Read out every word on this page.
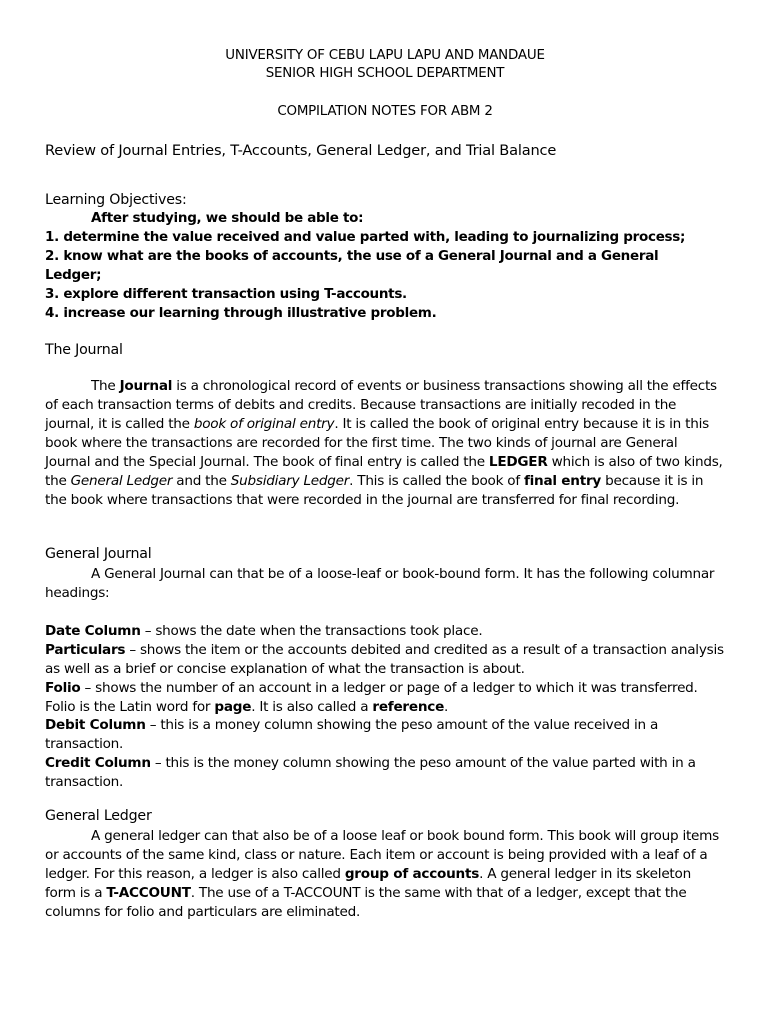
UNIVERSITY OF CEBU LAPU LAPU AND MANDAUE
SENIOR HIGH SCHOOL DEPARTMENT
COMPILATION NOTES FOR ABM 2
Review of Journal Entries, T-Accounts, General Ledger, and Trial Balance
Learning Objectives:
After studying, we should be able to:
1. determine the value received and value parted with, leading to journalizing process;
2. know what are the books of accounts, the use of a General Journal and a General
Ledger;
3. explore different transaction using T-accounts.
4. increase our learning through illustrative problem.
The Journal
The Journal is a chronological record of events or business transactions showing all the effects of each transaction terms of debits and credits. Because transactions are initially recoded in the journal, it is called the book of original entry. It is called the book of original entry because it is in this book where the transactions are recorded for the first time. The two kinds of journal are General Journal and the Special Journal. The book of final entry is called the LEDGER which is also of two kinds, the General Ledger and the Subsidiary Ledger. This is called the book of final entry because it is in the book where transactions that were recorded in the journal are transferred for final recording.
General Journal
A General Journal can that be of a loose-leaf or book-bound form. It has the following columnar headings:
Date Column – shows the date when the transactions took place.
Particulars – shows the item or the accounts debited and credited as a result of a transaction analysis as well as a brief or concise explanation of what the transaction is about.
Folio – shows the number of an account in a ledger or page of a ledger to which it was transferred. Folio is the Latin word for page. It is also called a reference.
Debit Column – this is a money column showing the peso amount of the value received in a transaction.
Credit Column – this is the money column showing the peso amount of the value parted with in a transaction.
General Ledger
A general ledger can that also be of a loose leaf or book bound form. This book will group items or accounts of the same kind, class or nature. Each item or account is being provided with a leaf of a ledger. For this reason, a ledger is also called group of accounts. A general ledger in its skeleton form is a T-ACCOUNT. The use of a T-ACCOUNT is the same with that of a ledger, except that the columns for folio and particulars are eliminated.
